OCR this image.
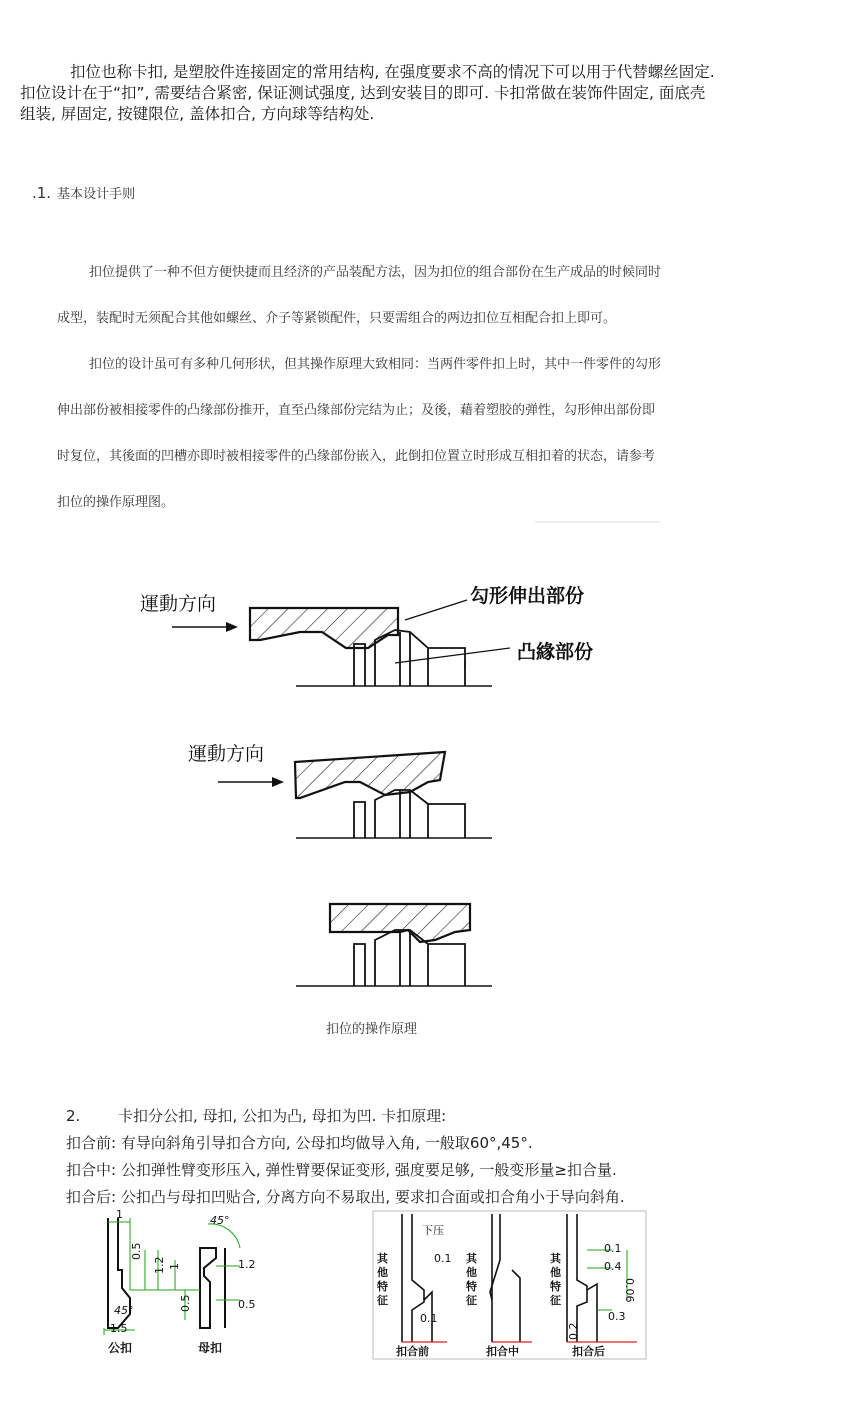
扣位也称卡扣, 是塑胶件连接固定的常用结构, 在强度要求不高的情况下可以用于代替螺丝固定.

扣位设计在于“扣”, 需要结合紧密, 保证测试强度, 达到安装目的即可. 卡扣常做在装饰件固定, 面底壳

组装, 屏固定, 按键限位, 盖体扣合, 方向球等结构处.

.1. 基本设计手则

扣位提供了一种不但方便快捷而且经济的产品装配方法，因为扣位的组合部份在生产成品的时候同时

成型，装配时无须配合其他如螺丝、介子等紧锁配件，只要需组合的两边扣位互相配合扣上即可。

扣位的设计虽可有多种几何形状，但其操作原理大致相同：当两件零件扣上时，其中一件零件的勾形

伸出部份被相接零件的凸缘部份推开，直至凸缘部份完结为止；及後，藉着塑胶的弹性，勾形伸出部份即

时复位，其後面的凹槽亦即时被相接零件的凸缘部份嵌入，此倒扣位置立时形成互相扣着的状态，请参考

扣位的操作原理图。

運動方向	勾形伸出部份
凸緣部份
運動方向
扣位的操作原理

2.	卡扣分公扣, 母扣, 公扣为凸, 母扣为凹. 卡扣原理:

扣合前: 有导向斜角引导扣合方向, 公母扣均做导入角, 一般取60°,45°.

扣合中: 公扣弹性臂变形压入, 弹性臂要保证变形, 强度要足够, 一般变形量≥扣合量.

扣合后: 公扣凸与母扣凹贴合, 分离方向不易取出, 要求扣合面或扣合角小于导向斜角.

1
0.5
1.2 1
45°
1.2
0.5	0.5
45°
1.5
公扣	母扣
下压
其
他
特
征
0.1
0.1
其
他
特
征
其
他
特
征
0.1
0.4
0.06
0.3
0.2
扣合前	扣合中	扣合后
